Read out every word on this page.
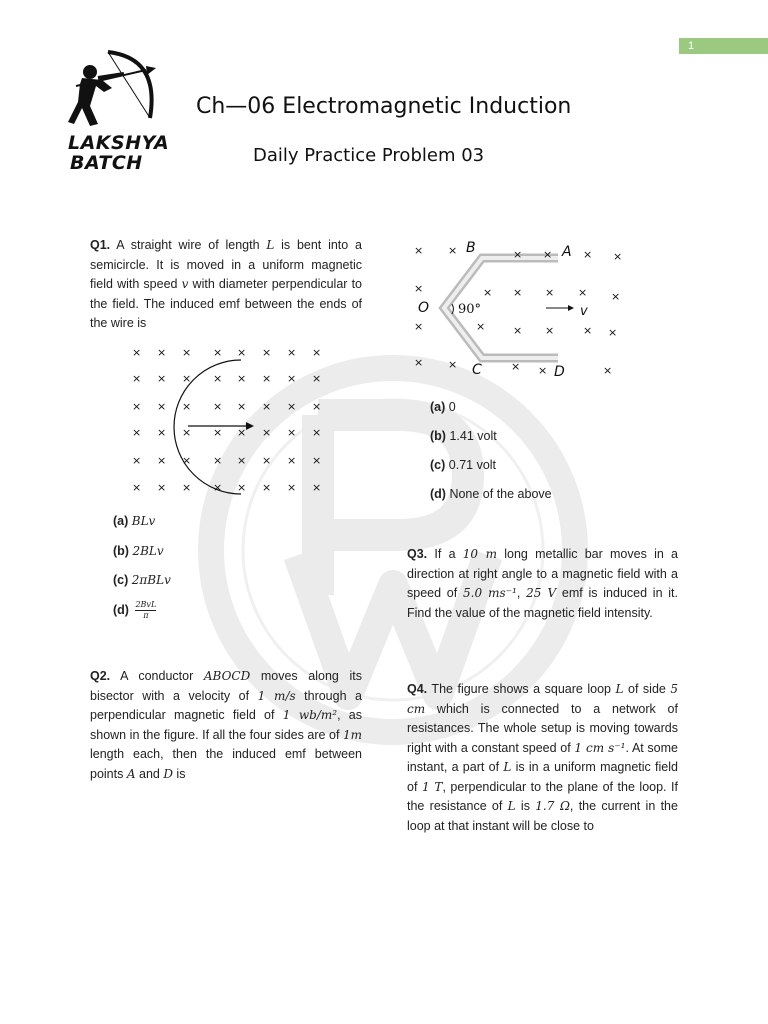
1
LAKSHYA
BATCH
Ch—06 Electromagnetic Induction
Daily Practice Problem 03
Q1. A straight wire of length L is bent into a semicircle. It is moved in a uniform magnetic field with speed v with diameter perpendicular to the field. The induced emf between the ends of the wire is
× × × × × × × ×
× × × × × × × ×
× × × × × × × ×
× × × × × × × ×
× × × × × × × ×
× × × × × × × ×
(a) BLv
(b) 2BLv
(c) 2πBLv
(d) 2BvL
π
Q2. A conductor ABOCD moves along its bisector with a velocity of 1 m/s through a perpendicular magnetic field of 1 wb/m², as shown in the figure. If all the four sides are of 1m length each, then the induced emf between points A and D is
× ×	× ×	× ×
×	× × × × ×
×	×	× ×	× ×
× ×	× ×	×
B	A
O 90°	v
C	D
(a) 0
(b) 1.41 volt
(c) 0.71 volt
(d) None of the above
Q3. If a 10 m long metallic bar moves in a direction at right angle to a magnetic field with a speed of 5.0 ms⁻¹, 25 V emf is induced in it. Find the value of the magnetic field intensity.
Q4. The figure shows a square loop L of side 5 cm which is connected to a network of resistances. The whole setup is moving towards right with a constant speed of 1 cm s⁻¹. At some instant, a part of L is in a uniform magnetic field of 1 T, perpendicular to the plane of the loop. If the resistance of L is 1.7 Ω, the current in the loop at that instant will be close to
